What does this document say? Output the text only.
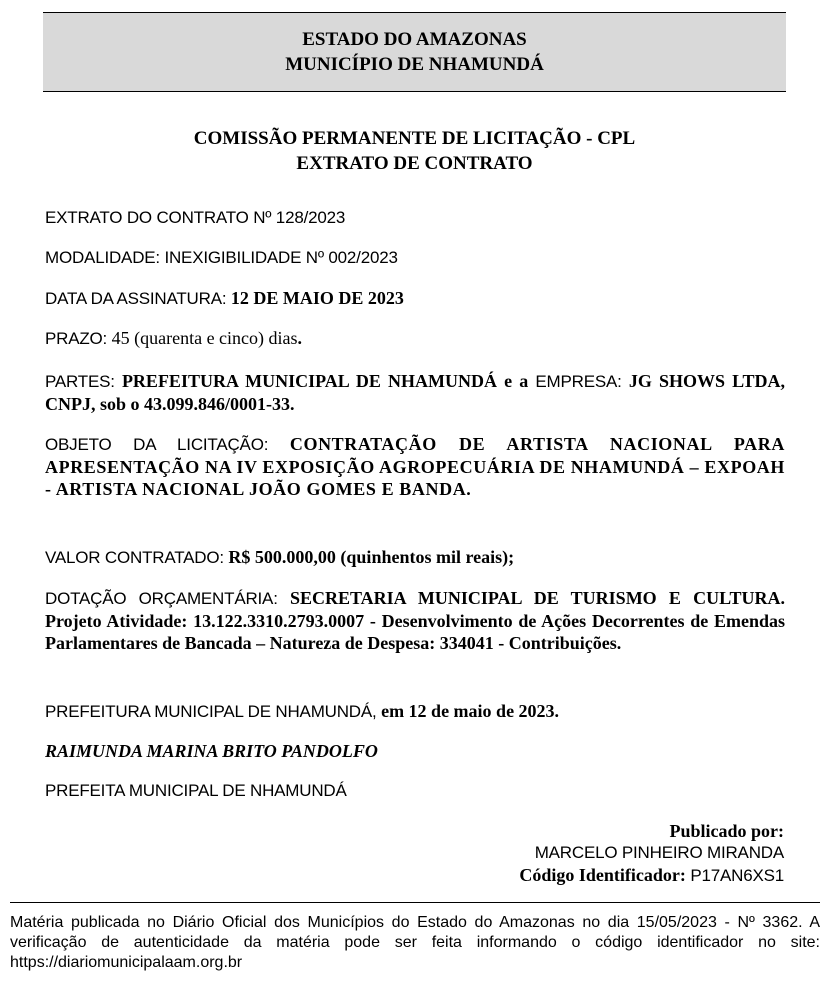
ESTADO DO AMAZONAS
MUNICÍPIO DE NHAMUNDÁ
COMISSÃO PERMANENTE DE LICITAÇÃO - CPL
EXTRATO DE CONTRATO
EXTRATO DO CONTRATO Nº 128/2023
MODALIDADE: INEXIGIBILIDADE Nº 002/2023
DATA DA ASSINATURA: 12 DE MAIO DE 2023
PRAZO: 45 (quarenta e cinco) dias.
PARTES: PREFEITURA MUNICIPAL DE NHAMUNDÁ e a EMPRESA: JG SHOWS LTDA, CNPJ, sob o 43.099.846/0001-33.
OBJETO DA LICITAÇÃO: CONTRATAÇÃO DE ARTISTA NACIONAL PARA APRESENTAÇÃO NA IV EXPOSIÇÃO AGROPECUÁRIA DE NHAMUNDÁ – EXPOAH - ARTISTA NACIONAL JOÃO GOMES E BANDA.
VALOR CONTRATADO: R$ 500.000,00 (quinhentos mil reais);
DOTAÇÃO ORÇAMENTÁRIA: SECRETARIA MUNICIPAL DE TURISMO E CULTURA. Projeto Atividade: 13.122.3310.2793.0007 - Desenvolvimento de Ações Decorrentes de Emendas Parlamentares de Bancada – Natureza de Despesa: 334041 - Contribuições.
PREFEITURA MUNICIPAL DE NHAMUNDÁ, em 12 de maio de 2023.
RAIMUNDA MARINA BRITO PANDOLFO
PREFEITA MUNICIPAL DE NHAMUNDÁ
Publicado por:
MARCELO PINHEIRO MIRANDA
Código Identificador: P17AN6XS1
Matéria publicada no Diário Oficial dos Municípios do Estado do Amazonas no dia 15/05/2023 - Nº 3362. A verificação de autenticidade da matéria pode ser feita informando o código identificador no site: https://diariomunicipalaam.org.br
